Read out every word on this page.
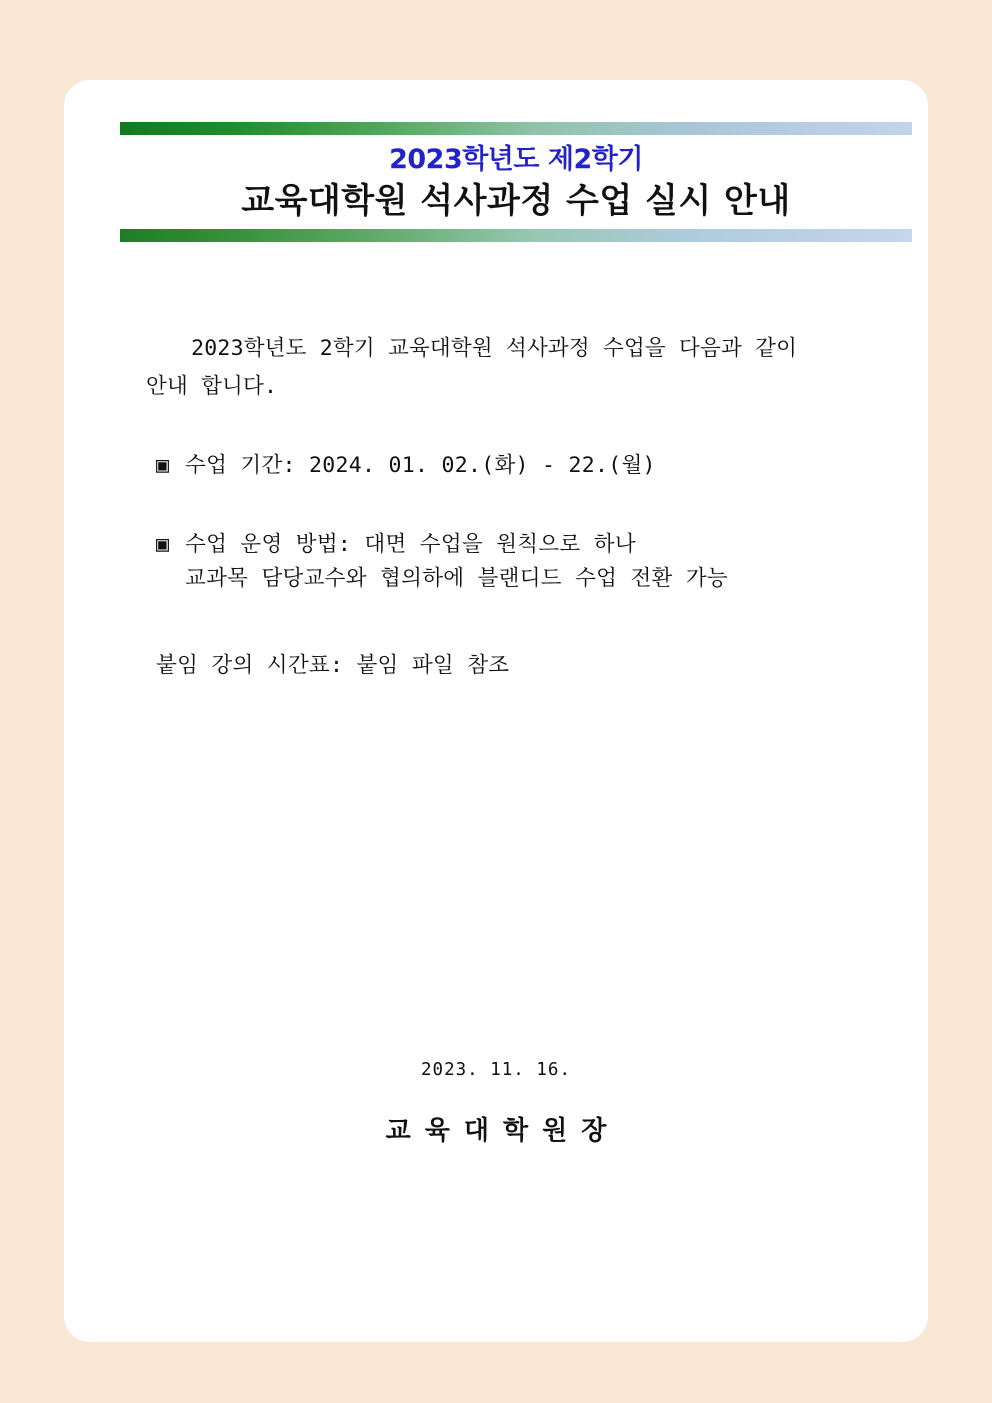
2023학년도 제2학기
교육대학원 석사과정 수업 실시 안내
2023학년도 2학기 교육대학원 석사과정 수업을 다음과 같이
안내 합니다.
▣ 수업 기간: 2024. 01. 02.(화) - 22.(월)
▣ 수업 운영 방법: 대면 수업을 원칙으로 하나
교과목 담당교수와 협의하에 블랜디드 수업 전환 가능
붙임 강의 시간표: 붙임 파일 참조
2023. 11. 16.
교육대학원장
